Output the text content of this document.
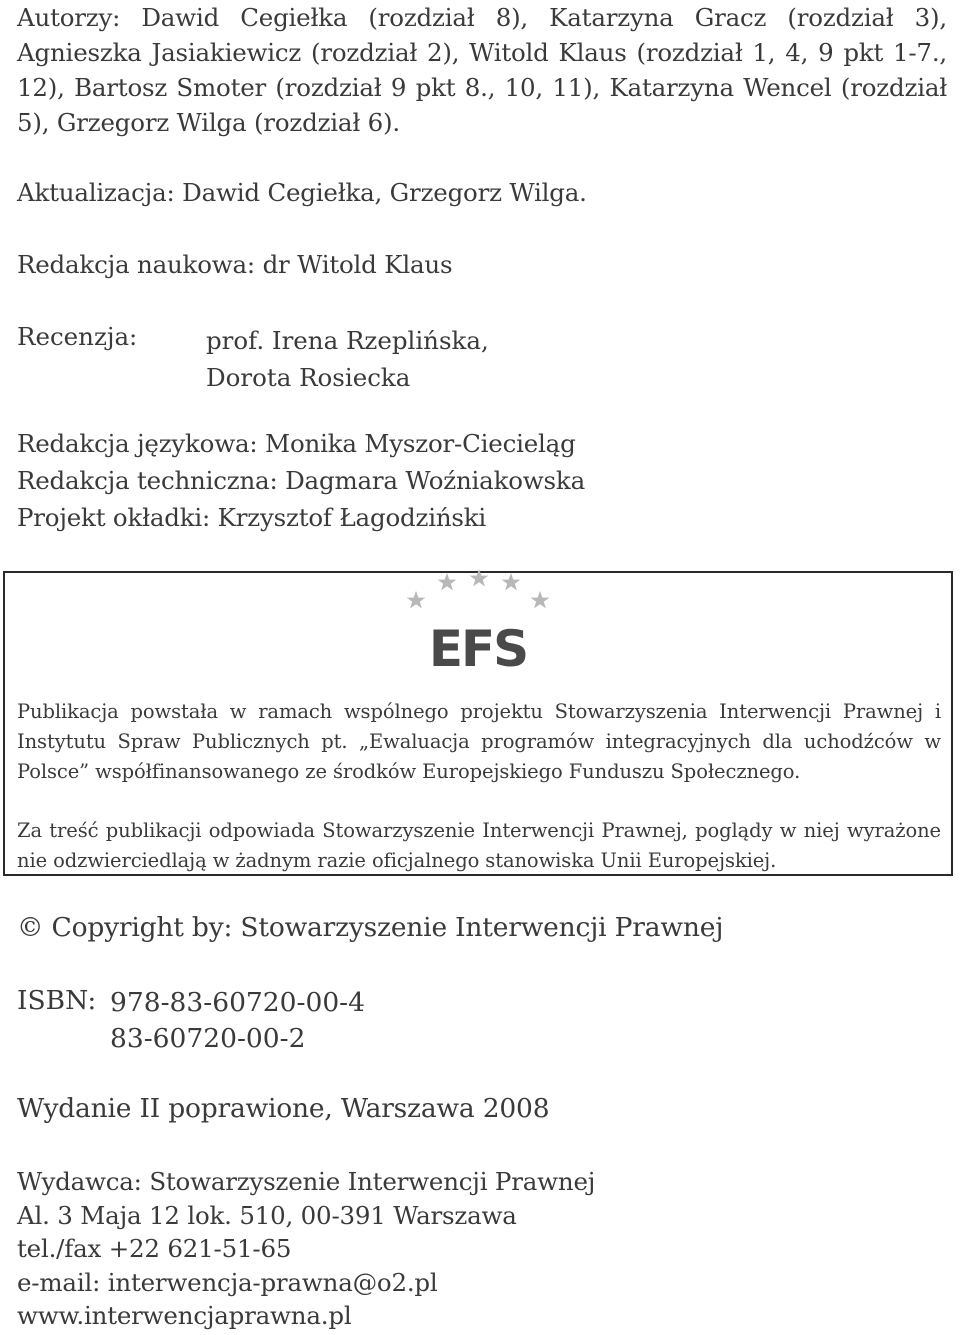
Autorzy: Dawid Cegiełka (rozdział 8), Katarzyna Gracz (rozdział 3), Agnieszka Jasiakiewicz (rozdział 2), Witold Klaus (rozdział 1, 4, 9 pkt 1-7., 12), Bartosz Smoter (rozdział 9 pkt 8., 10, 11), Katarzyna Wencel (rozdział 5), Grzegorz Wilga (rozdział 6).
Aktualizacja: Dawid Cegiełka, Grzegorz Wilga.
Redakcja naukowa: dr Witold Klaus
Recenzja:	prof. Irena Rzeplińska,
Dorota Rosiecka
Redakcja językowa: Monika Myszor-Ciecieląg
Redakcja techniczna: Dagmara Woźniakowska
Projekt okładki: Krzysztof Łagodziński
EFS
Publikacja powstała w ramach wspólnego projektu Stowarzyszenia Interwencji Prawnej i Instytutu Spraw Publicznych pt. „Ewaluacja programów integracyjnych dla uchodźców w Polsce” współfinansowanego ze środków Europejskiego Funduszu Społecznego.
Za treść publikacji odpowiada Stowarzyszenie Interwencji Prawnej, poglądy w niej wyrażone nie odzwierciedlają w żadnym razie oficjalnego stanowiska Unii Europejskiej.
© Copyright by: Stowarzyszenie Interwencji Prawnej
ISBN: 978-83-60720-00-4
83-60720-00-2
Wydanie II poprawione, Warszawa 2008
Wydawca: Stowarzyszenie Interwencji Prawnej
Al. 3 Maja 12 lok. 510, 00-391 Warszawa
tel./fax +22 621-51-65
e-mail: interwencja-prawna@o2.pl
www.interwencjaprawna.pl
